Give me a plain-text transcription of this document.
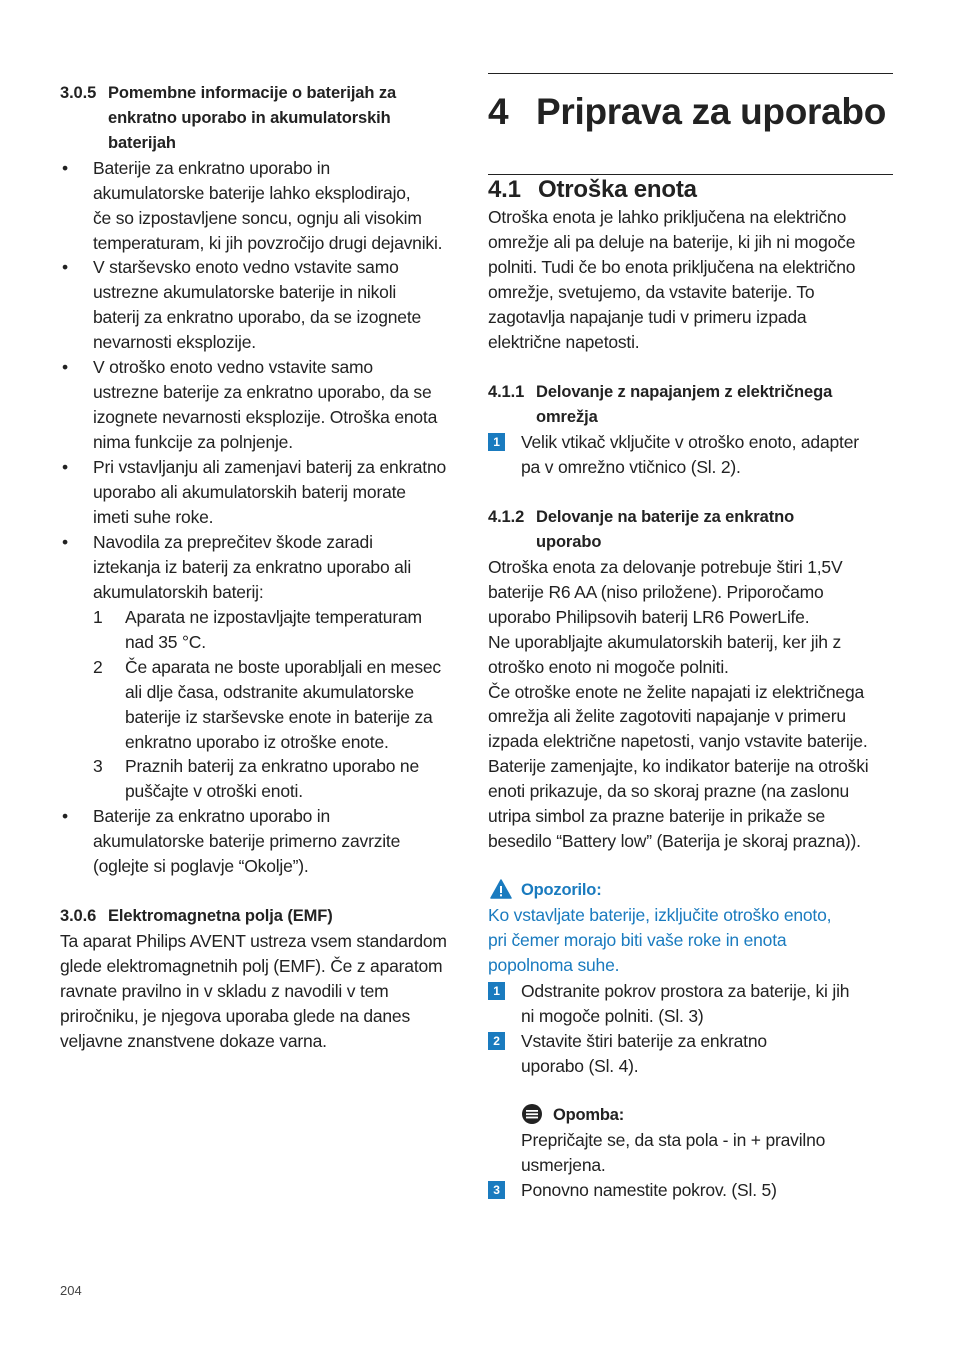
3.0.5 Pomembne informacije o baterijah za
enkratno uporabo in akumulatorskih
baterijah
• Baterije za enkratno uporabo in
akumulatorske baterije lahko eksplodirajo,
če so izpostavljene soncu, ognju ali visokim
temperaturam, ki jih povzročijo drugi dejavniki.
• V starševsko enoto vedno vstavite samo
ustrezne akumulatorske baterije in nikoli
baterij za enkratno uporabo, da se izognete
nevarnosti eksplozije.
• V otroško enoto vedno vstavite samo
ustrezne baterije za enkratno uporabo, da se
izognete nevarnosti eksplozije. Otroška enota
nima funkcije za polnjenje.
• Pri vstavljanju ali zamenjavi baterij za enkratno
uporabo ali akumulatorskih baterij morate
imeti suhe roke.
• Navodila za preprečitev škode zaradi
iztekanja iz baterij za enkratno uporabo ali
akumulatorskih baterij:
1 Aparata ne izpostavljajte temperaturam
nad 35 °C.
2 Če aparata ne boste uporabljali en mesec
ali dlje časa, odstranite akumulatorske
baterije iz starševske enote in baterije za
enkratno uporabo iz otroške enote.
3 Praznih baterij za enkratno uporabo ne
puščajte v otroški enoti.
• Baterije za enkratno uporabo in
akumulatorske baterije primerno zavrzite
(oglejte si poglavje “Okolje”).
3.0.6 Elektromagnetna polja (EMF)
Ta aparat Philips AVENT ustreza vsem standardom
glede elektromagnetnih polj (EMF). Če z aparatom
ravnate pravilno in v skladu z navodili v tem
priročniku, je njegova uporaba glede na danes
veljavne znanstvene dokaze varna.
4 Priprava za uporabo
4.1 Otroška enota
Otroška enota je lahko priključena na električno
omrežje ali pa deluje na baterije, ki jih ni mogoče
polniti. Tudi če bo enota priključena na električno
omrežje, svetujemo, da vstavite baterije. To
zagotavlja napajanje tudi v primeru izpada
električne napetosti.
4.1.1 Delovanje z napajanjem z električnega
omrežja
1	Velik vtikač vključite v otroško enoto, adapter
pa v omrežno vtičnico (Sl. 2).
4.1.2 Delovanje na baterije za enkratno
uporabo
Otroška enota za delovanje potrebuje štiri 1,5V
baterije R6 AA (niso priložene). Priporočamo
uporabo Philipsovih baterij LR6 PowerLife.
Ne uporabljajte akumulatorskih baterij, ker jih z
otroško enoto ni mogoče polniti.
Če otroške enote ne želite napajati iz električnega
omrežja ali želite zagotoviti napajanje v primeru
izpada električne napetosti, vanjo vstavite baterije.
Baterije zamenjajte, ko indikator baterije na otroški
enoti prikazuje, da so skoraj prazne (na zaslonu
utripa simbol za prazne baterije in prikaže se
besedilo “Battery low” (Baterija je skoraj prazna)).
Opozorilo:
Ko vstavljate baterije, izključite otroško enoto,
pri čemer morajo biti vaše roke in enota
popolnoma suhe.
1	Odstranite pokrov prostora za baterije, ki jih
ni mogoče polniti. (Sl. 3)
2	Vstavite štiri baterije za enkratno
uporabo (Sl. 4).
Opomba:
Prepričajte se, da sta pola - in + pravilno
usmerjena.
3	Ponovno namestite pokrov. (Sl. 5)
204
